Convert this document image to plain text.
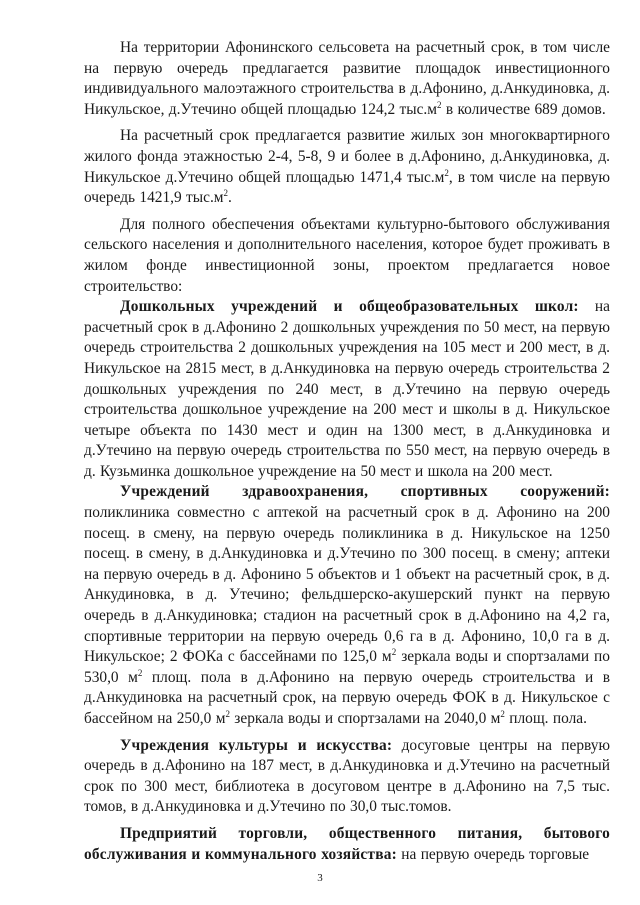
На территории Афонинского сельсовета на расчетный срок, в том числе на первую очередь предлагается развитие площадок инвестиционного индивидуального малоэтажного строительства в д.Афонино, д.Анкудиновка, д. Никульское, д.Утечино общей площадью 124,2 $тыс.м^2$ в количестве 689 домов.

На расчетный срок предлагается развитие жилых зон многоквартирного жилого фонда этажностью 2-4, 5-8, 9 и более в д.Афонино, д.Анкудиновка, д. Никульское д.Утечино общей площадью 1471,4 $тыс.м^2$, в том числе на первую очередь 1421,9 $тыс.м^2$.

Для полного обеспечения объектами культурно-бытового обслуживания сельского населения и дополнительного населения, которое будет проживать в жилом фонде инвестиционной зоны, проектом предлагается новое строительство:

Дошкольных учреждений и общеобразовательных школ: на расчетный срок в д.Афонино 2 дошкольных учреждения по 50 мест, на первую очередь строительства 2 дошкольных учреждения на 105 мест и 200 мест, в д. Никульское на 2815 мест, в д.Анкудиновка на первую очередь строительства 2 дошкольных учреждения по 240 мест, в д.Утечино на первую очередь строительства дошкольное учреждение на 200 мест и школы в д. Никульское четыре объекта по 1430 мест и один на 1300 мест, в д.Анкудиновка и д.Утечино на первую очередь строительства по 550 мест, на первую очередь в д. Кузьминка дошкольное учреждение на 50 мест и школа на 200 мест.

Учреждений здравоохранения, спортивных сооружений: поликлиника совместно с аптекой на расчетный срок в д. Афонино на 200 посещ. в смену, на первую очередь поликлиника в д. Никульское на 1250 посещ. в смену, в д.Анкудиновка и д.Утечино по 300 посещ. в смену; аптеки на первую очередь в д. Афонино 5 объектов и 1 объект на расчетный срок, в д. Анкудиновка, в д. Утечино; фельдшерско-акушерский пункт на первую очередь в д.Анкудиновка; стадион на расчетный срок в д.Афонино на 4,2 га, спортивные территории на первую очередь 0,6 га в д. Афонино, 10,0 га в д. Никульское; 2 ФОКа с бассейнами по 125,0 $м^2$ зеркала воды и спортзалами по 530,0 $м^2$ площ. пола в д.Афонино на первую очередь строительства и в д.Анкудиновка на расчетный срок, на первую очередь ФОК в д. Никульское с бассейном на 250,0 $м^2$ зеркала воды и спортзалами на 2040,0 $м^2$ площ. пола.

Учреждения культуры и искусства: досуговые центры на первую очередь в д.Афонино на 187 мест, в д.Анкудиновка и д.Утечино на расчетный срок по 300 мест, библиотека в досуговом центре в д.Афонино на 7,5 тыс. томов, в д.Анкудиновка и д.Утечино по 30,0 тыс.томов.

Предприятий торговли, общественного питания, бытового обслуживания и коммунального хозяйства: на первую очередь торговые

3
